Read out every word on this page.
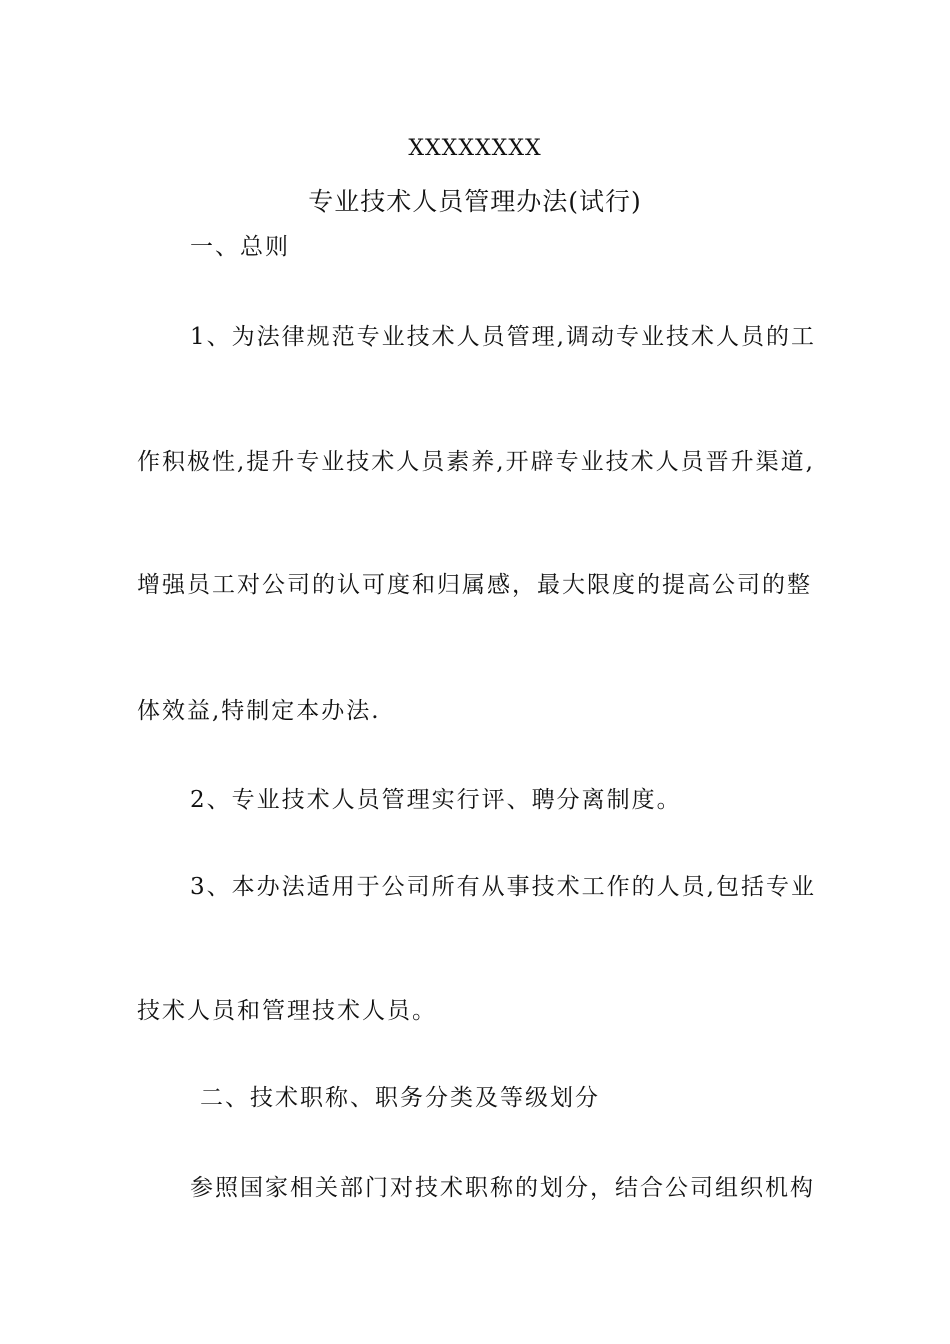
XXXXXXXX
专业技术人员管理办法(试行)
一、总则
1、为法律规范专业技术人员管理,调动专业技术人员的工
作积极性,提升专业技术人员素养,开辟专业技术人员晋升渠道,
增强员工对公司的认可度和归属感，最大限度的提高公司的整
体效益,特制定本办法.
2、专业技术人员管理实行评、聘分离制度。
3、本办法适用于公司所有从事技术工作的人员,包括专业
技术人员和管理技术人员。
二、技术职称、职务分类及等级划分
参照国家相关部门对技术职称的划分，结合公司组织机构
